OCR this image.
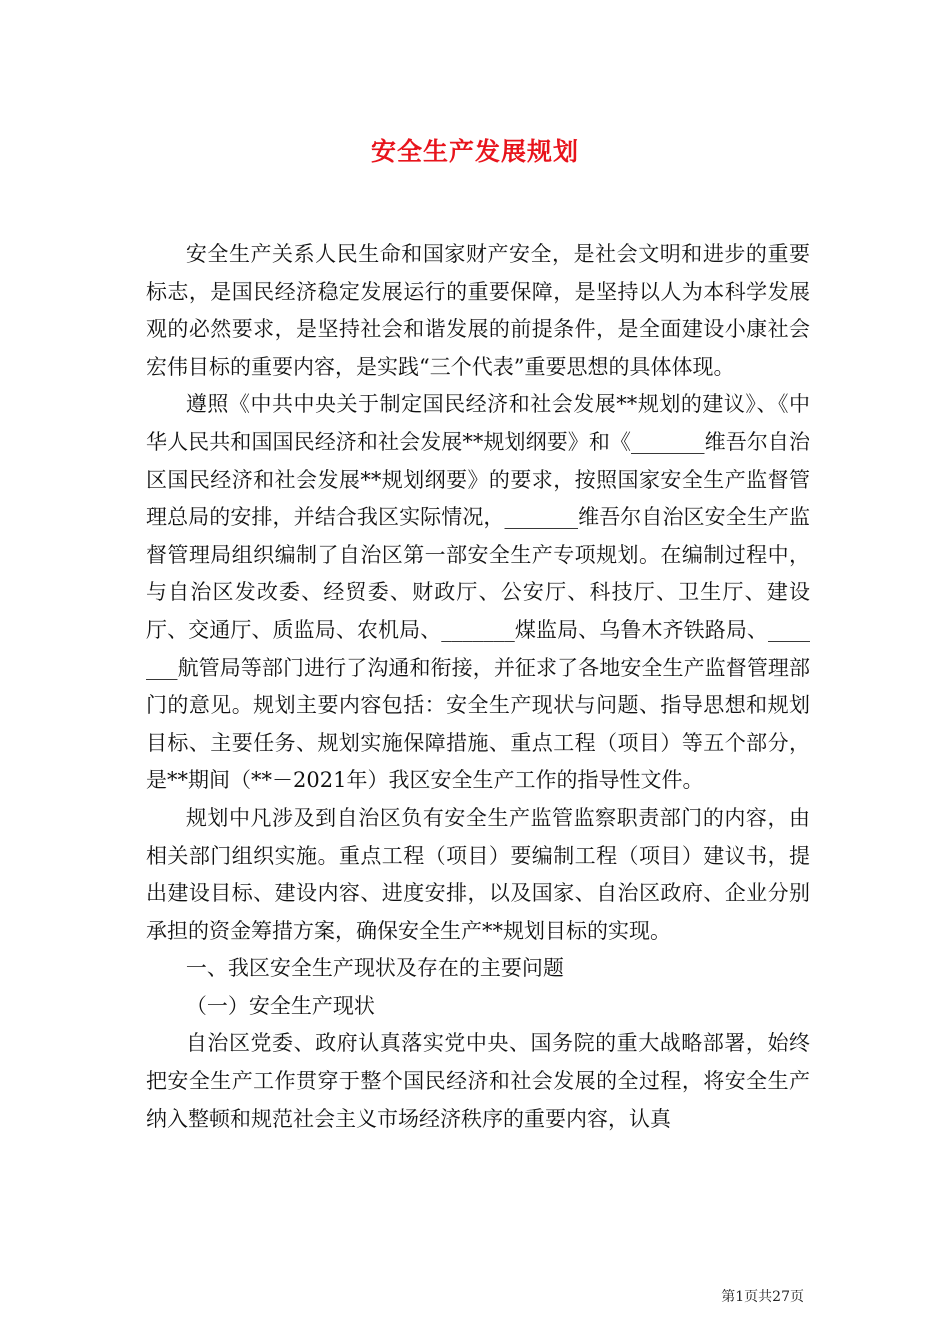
安全生产发展规划

安全生产关系人民生命和国家财产安全，是社会文明和进步的重要标志，是国民经济稳定发展运行的重要保障，是坚持以人为本科学发展观的必然要求，是坚持社会和谐发展的前提条件，是全面建设小康社会宏伟目标的重要内容，是实践“三个代表”重要思想的具体体现。

遵照《中共中央关于制定国民经济和社会发展**规划的建议》、《中华人民共和国国民经济和社会发展**规划纲要》和《_______维吾尔自治区国民经济和社会发展**规划纲要》的要求，按照国家安全生产监督管理总局的安排，并结合我区实际情况，_______维吾尔自治区安全生产监督管理局组织编制了自治区第一部安全生产专项规划。在编制过程中，与自治区发改委、经贸委、财政厅、公安厅、科技厅、卫生厅、建设厅、交通厅、质监局、农机局、_______煤监局、乌鲁木齐铁路局、_______航管局等部门进行了沟通和衔接，并征求了各地安全生产监督管理部门的意见。规划主要内容包括：安全生产现状与问题、指导思想和规划目标、主要任务、规划实施保障措施、重点工程（项目）等五个部分，是**期间（**－2021年）我区安全生产工作的指导性文件。

规划中凡涉及到自治区负有安全生产监管监察职责部门的内容，由相关部门组织实施。重点工程（项目）要编制工程（项目）建议书，提出建设目标、建设内容、进度安排，以及国家、自治区政府、企业分别承担的资金筹措方案，确保安全生产**规划目标的实现。

一、我区安全生产现状及存在的主要问题

（一）安全生产现状

自治区党委、政府认真落实党中央、国务院的重大战略部署，始终把安全生产工作贯穿于整个国民经济和社会发展的全过程，将安全生产纳入整顿和规范社会主义市场经济秩序的重要内容，认真

第1页共27页
